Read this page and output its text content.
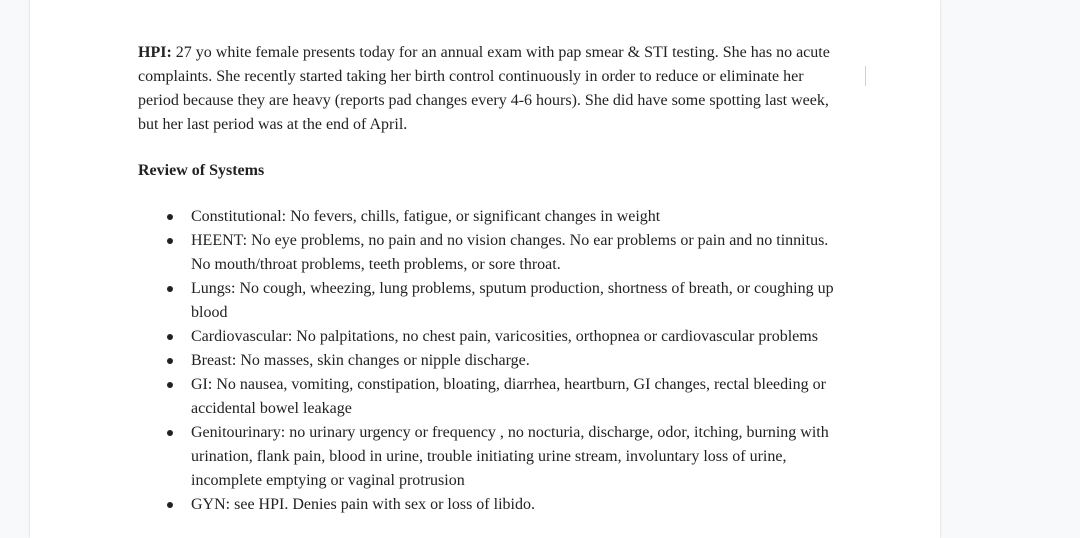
HPI: 27 yo white female presents today for an annual exam with pap smear & STI testing. She has no acute complaints. She recently started taking her birth control continuously in order to reduce or eliminate her period because they are heavy (reports pad changes every 4-6 hours). She did have some spotting last week, but her last period was at the end of April.

Review of Systems

Constitutional: No fevers, chills, fatigue, or significant changes in weight
HEENT: No eye problems, no pain and no vision changes. No ear problems or pain and no tinnitus. No mouth/throat problems, teeth problems, or sore throat.
Lungs: No cough, wheezing, lung problems, sputum production, shortness of breath, or coughing up blood
Cardiovascular: No palpitations, no chest pain, varicosities, orthopnea or cardiovascular problems
Breast: No masses, skin changes or nipple discharge.
GI: No nausea, vomiting, constipation, bloating, diarrhea, heartburn, GI changes, rectal bleeding or accidental bowel leakage
Genitourinary: no urinary urgency or frequency , no nocturia, discharge, odor, itching, burning with urination, flank pain, blood in urine, trouble initiating urine stream, involuntary loss of urine, incomplete emptying or vaginal protrusion
GYN: see HPI. Denies pain with sex or loss of libido.
